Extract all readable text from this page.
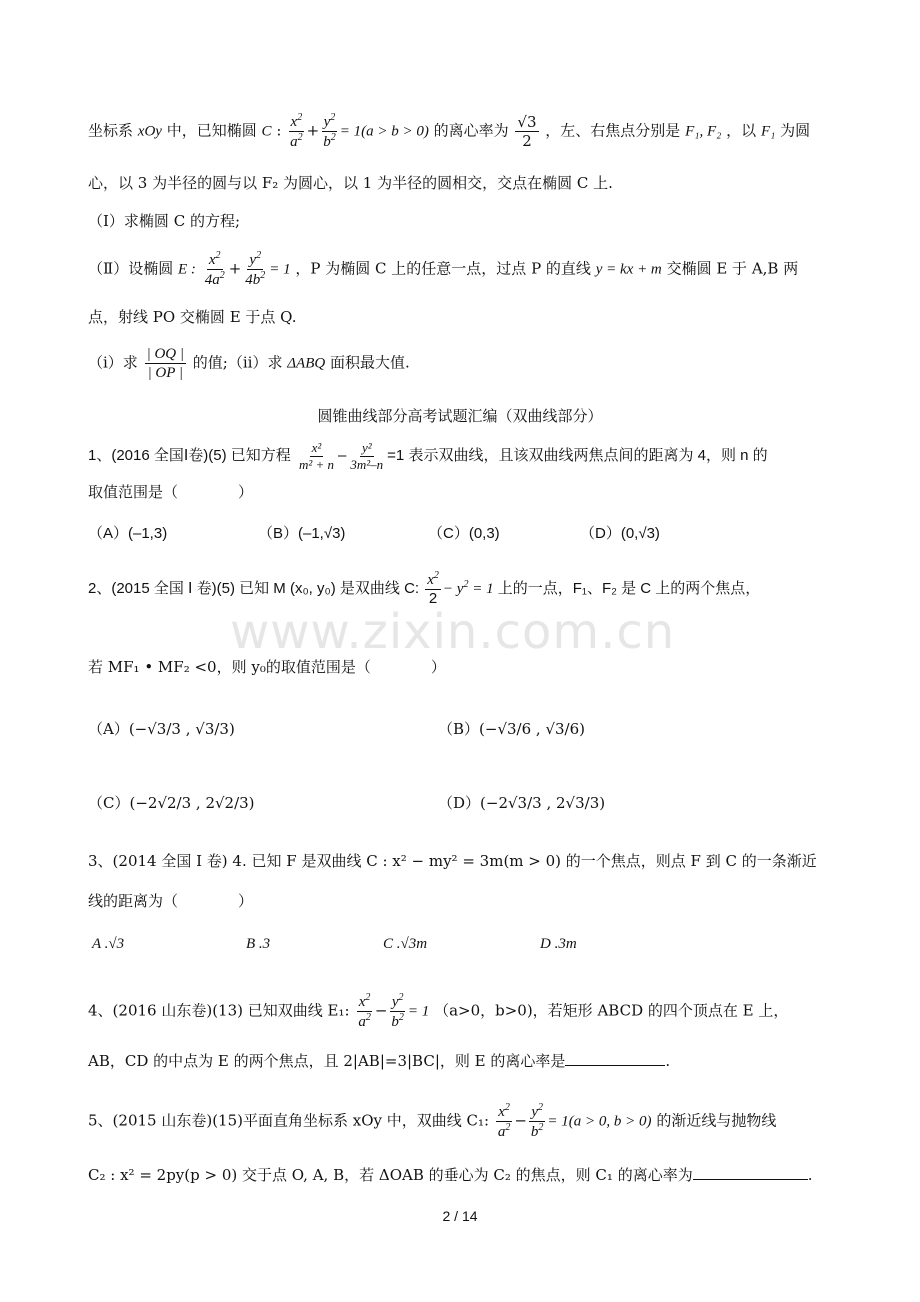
www.zixin.com.cn
坐标系 xOy 中，已知椭圆 C : $\frac{x^2}{a^2} + \frac{y^2}{b^2} = 1(a > b > 0)$ 的离心率为 $\frac{√3}{2}$ ，左、右焦点分别是 F₁, F₂ ，以 F₁ 为圆
心，以 3 为半径的圆与以 F₂ 为圆心，以 1 为半径的圆相交，交点在椭圆 C 上.
（Ⅰ）求椭圆 C 的方程;
（Ⅱ）设椭圆 E : $\frac{x^2}{4a^2} + \frac{y^2}{4b^2} = 1$ ，P 为椭圆 C 上的任意一点，过点 P 的直线 y = kx + m 交椭圆 E 于 A,B 两
点，射线 PO 交椭圆 E 于点 Q.
（ⅰ）求 $\frac{| OQ |}{| OP |}$ 的值;（ⅱ）求 ΔABQ 面积最大值.
圆锥曲线部分高考试题汇编（双曲线部分）
1、(2016 全国Ⅰ卷)(5) 已知方程 $\frac{\text{x²}}{\text{m² + n}} - \frac{\text{y²}}{\text{3m²–n}} =1$ 表示双曲线，且该双曲线两焦点间的距离为 4，则 n 的
取值范围是（　　　　）
（A）(–1,3)	（B）(–1,√3)	（C）(0,3)	（D）(0,√3)
2、(2015 全国 Ⅰ 卷)(5) 已知 M (x₀, y₀) 是双曲线 C: $\frac{x^2}{2} - y^2 = 1$ 上的一点，F₁、F₂ 是 C 上的两个焦点，
若 MF₁ • MF₂ <0，则 y₀的取值范围是（　　　　）
（A）(−√3/3 , √3/3)	（B）(−√3/6 , √3/6)
（C）(−2√2/3 , 2√2/3)	（D）(−2√3/3 , 2√3/3)
3、(2014 全国 Ⅰ 卷) 4. 已知 F 是双曲线 C : x² − my² = 3m(m > 0) 的一个焦点，则点 F 到 C 的一条渐近
线的距离为（　　　　）
A .√3	B .3	C .√3m	D .3m
4、(2016 山东卷)(13) 已知双曲线 E₁: $\frac{x^2}{a^2} - \frac{y^2}{b^2} = 1$ （a>0，b>0)，若矩形 ABCD 的四个顶点在 E 上，
AB，CD 的中点为 E 的两个焦点，且 2|AB|=3|BC|，则 E 的离心率是	.
5、(2015 山东卷)(15)平面直角坐标系 xOy 中，双曲线 C₁: $\frac{x^2}{a^2} - \frac{y^2}{b^2} = 1(a > 0$, b > 0) 的渐近线与抛物线
C₂ : x² = 2py(p > 0) 交于点 O, A, B，若 ΔOAB 的垂心为 C₂ 的焦点，则 C₁ 的离心率为	.
2 / 14
